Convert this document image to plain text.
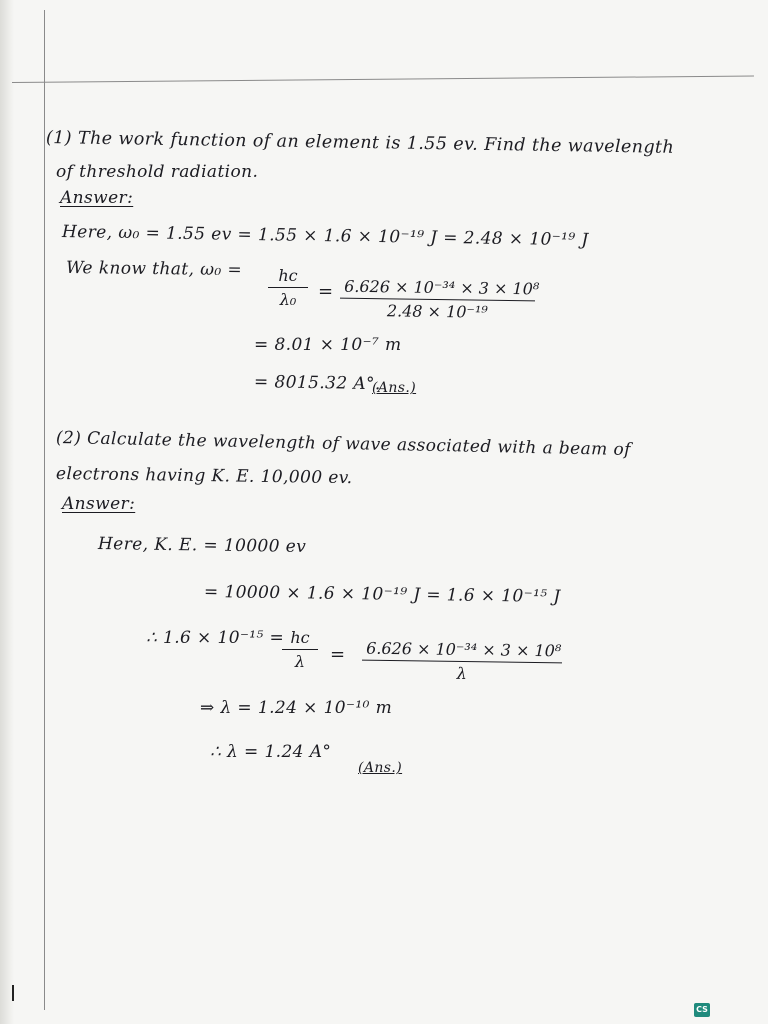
(1) The work function of an element is 1.55 ev. Find the wavelength
of threshold radiation.
Answer:
Here, ω₀ = 1.55 ev = 1.55 × 1.6 × 10⁻¹⁹ J = 2.48 × 10⁻¹⁹ J
We know that, ω₀ =	hc
λ₀	= 6.626 × 10⁻³⁴ × 3 × 10⁸
2.48 × 10⁻¹⁹
= 8.01 × 10⁻⁷ m
= 8015.32 A°.
(Ans.)
(2) Calculate the wavelength of wave associated with a beam of
electrons having K. E. 10,000 ev.
Answer:
Here, K. E. = 10000 ev
= 10000 × 1.6 × 10⁻¹⁹ J = 1.6 × 10⁻¹⁵ J
∴ 1.6 × 10⁻¹⁵ = hc
λ	= 6.626 × 10⁻³⁴ × 3 × 10⁸
λ
⇒ λ = 1.24 × 10⁻¹⁰ m
∴ λ = 1.24 A°
(Ans.)
CS
